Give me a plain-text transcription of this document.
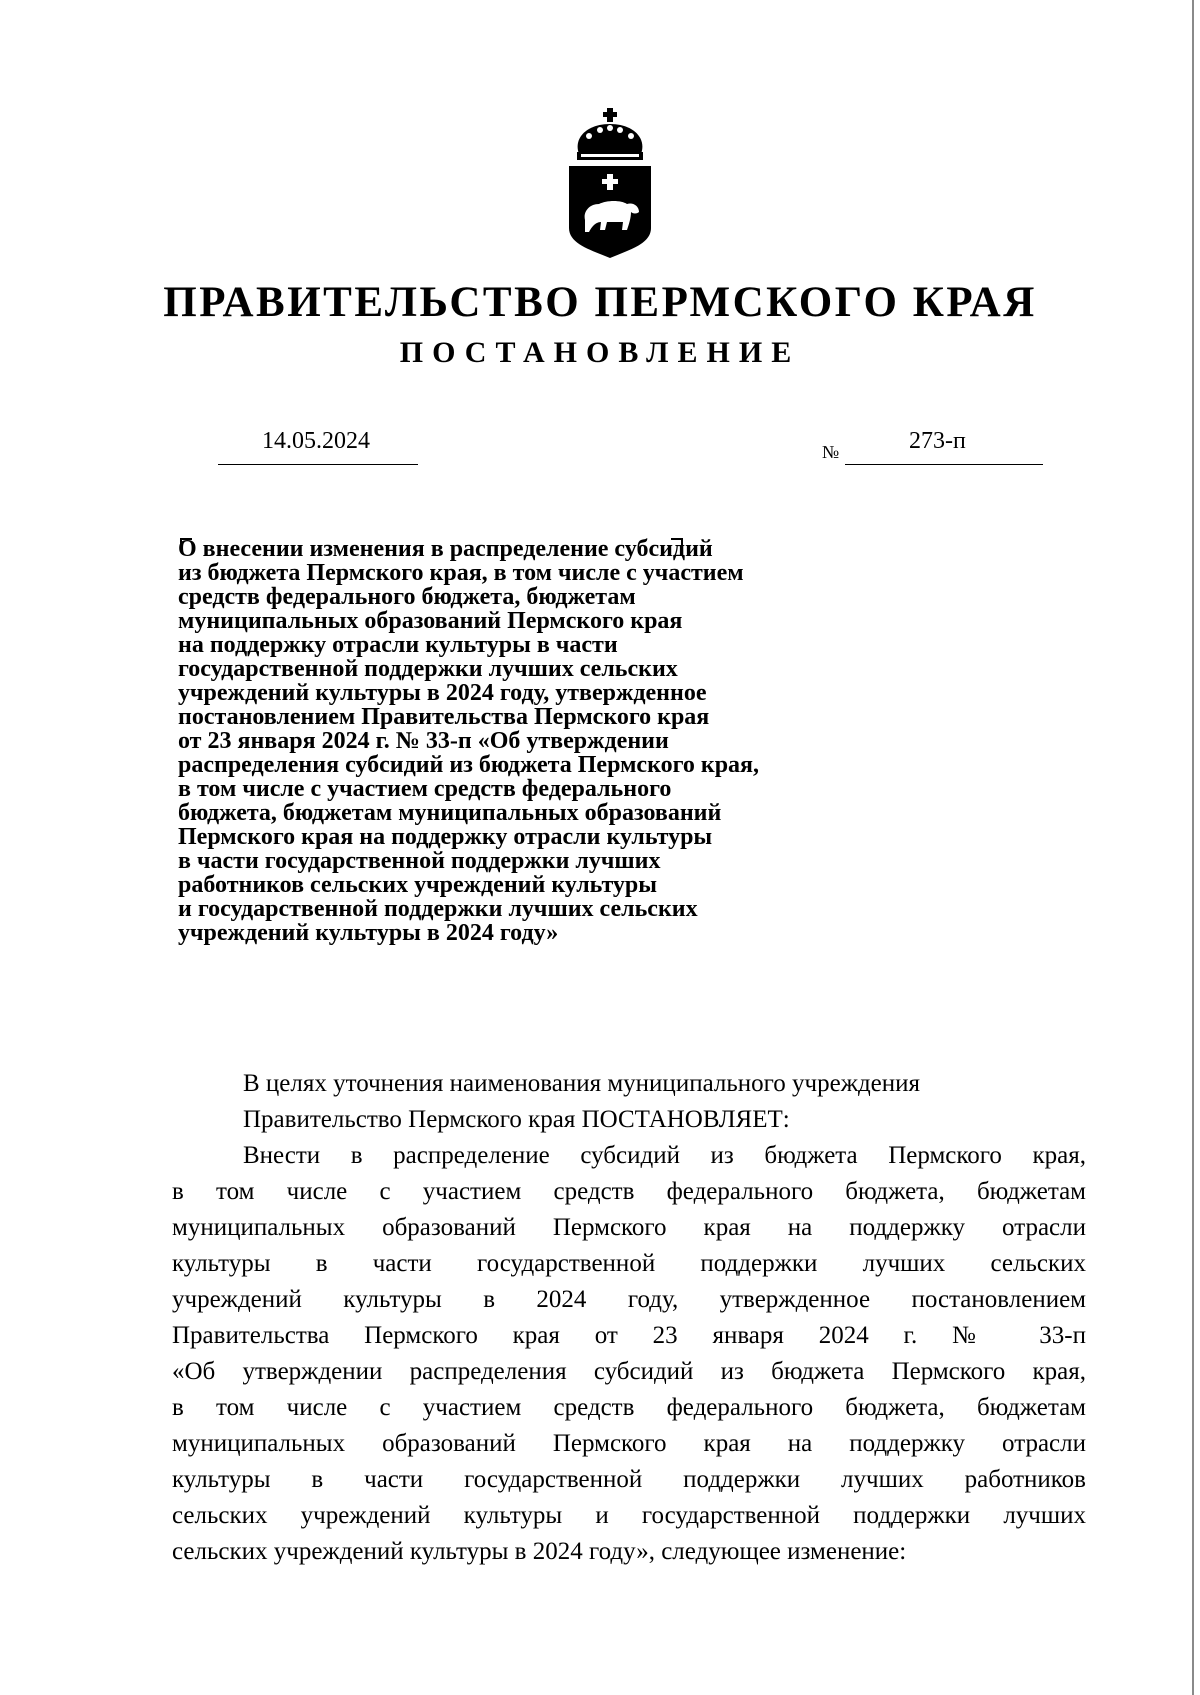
ПРАВИТЕЛЬСТВО ПЕРМСКОГО КРАЯ
ПОСТАНОВЛЕНИЕ
14.05.2024	№	273-п
О внесении изменения в распределение субсидий
из бюджета Пермского края, в том числе с участием
средств федерального бюджета, бюджетам
муниципальных образований Пермского края
на поддержку отрасли культуры в части
государственной поддержки лучших сельских
учреждений культуры в 2024 году, утвержденное
постановлением Правительства Пермского края
от 23 января 2024 г. № 33-п «Об утверждении
распределения субсидий из бюджета Пермского края,
в том числе с участием средств федерального
бюджета, бюджетам муниципальных образований
Пермского края на поддержку отрасли культуры
в части государственной поддержки лучших
работников сельских учреждений культуры
и государственной поддержки лучших сельских
учреждений культуры в 2024 году»
В целях уточнения наименования муниципального учреждения
Правительство Пермского края ПОСТАНОВЛЯЕТ:
Внести в распределение субсидий из бюджета Пермского края,
в том числе с участием средств федерального бюджета, бюджетам
муниципальных образований Пермского края на поддержку отрасли
культуры в части государственной поддержки лучших сельских
учреждений культуры в 2024 году, утвержденное постановлением
Правительства Пермского края от 23 января 2024 г. № 33-п
«Об утверждении распределения субсидий из бюджета Пермского края,
в том числе с участием средств федерального бюджета, бюджетам
муниципальных образований Пермского края на поддержку отрасли
культуры в части государственной поддержки лучших работников
сельских учреждений культуры и государственной поддержки лучших
сельских учреждений культуры в 2024 году», следующее изменение:
